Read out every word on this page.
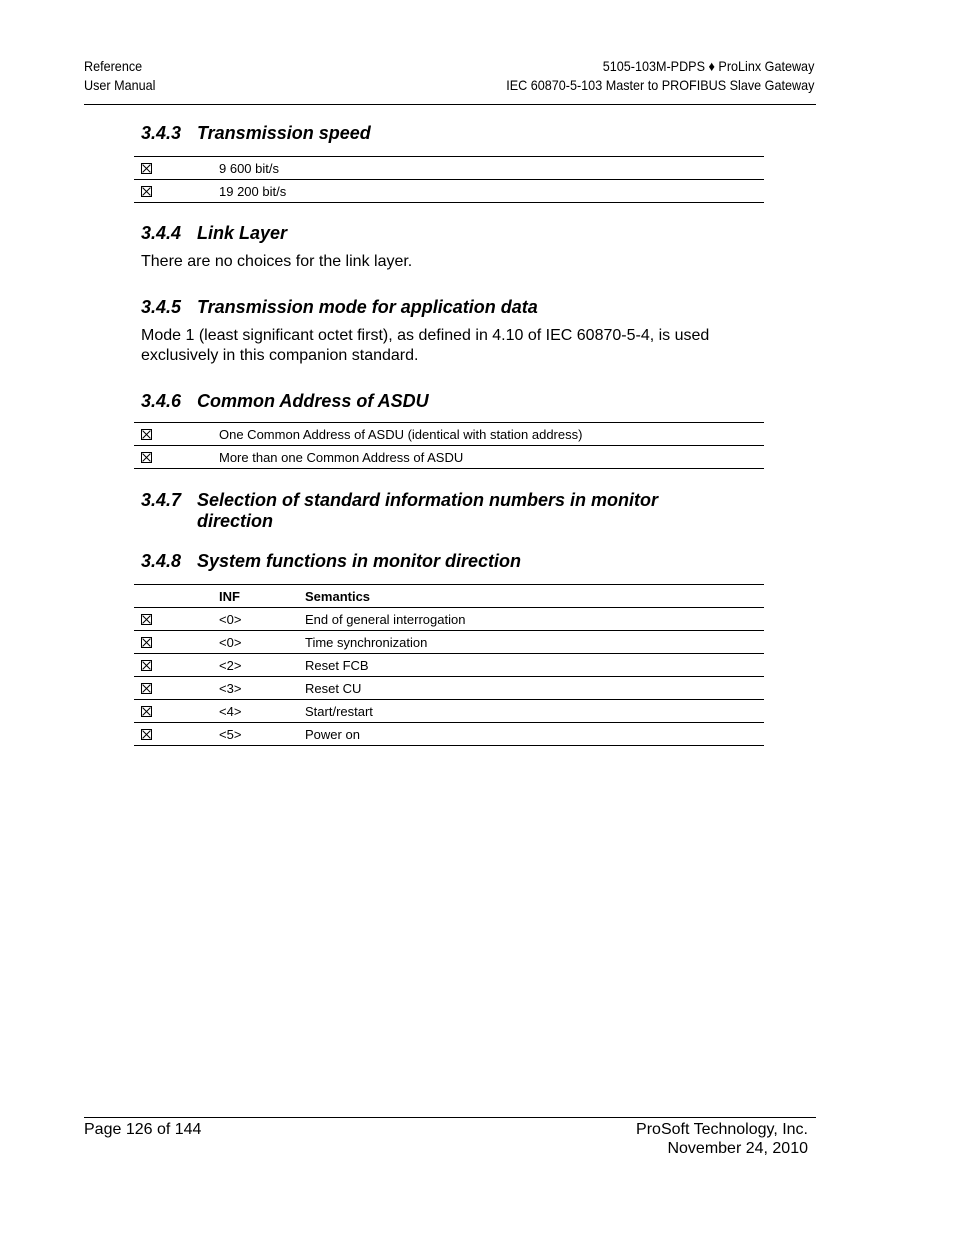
Reference
User Manual
5105-103M-PDPS ♦ ProLinx Gateway
IEC 60870-5-103 Master to PROFIBUS Slave Gateway
3.4.3 Transmission speed
	9 600 bit/s
	19 200 bit/s
3.4.4 Link Layer

There are no choices for the link layer.

3.4.5 Transmission mode for application data

Mode 1 (least significant octet first), as defined in 4.10 of IEC 60870-5-4, is used exclusively in this companion standard.

3.4.6 Common Address of ASDU
	One Common Address of ASDU (identical with station address)
	More than one Common Address of ASDU
3.4.7 Selection of standard information numbers in monitor direction
3.4.8 System functions in monitor direction
	INF	Semantics
	<0>	End of general interrogation
	<0>	Time synchronization
	<2>	Reset FCB
	<3>	Reset CU
	<4>	Start/restart
	<5>	Power on
Page 126 of 144	ProSoft Technology, Inc.
November 24, 2010
